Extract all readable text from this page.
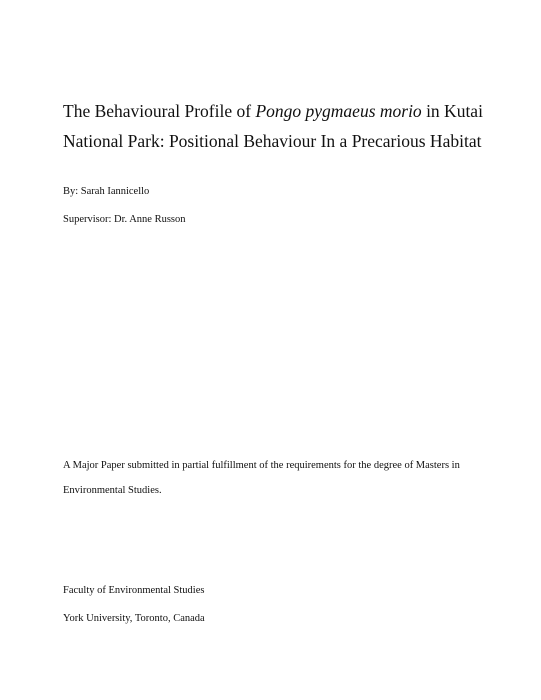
The Behavioural Profile of Pongo pygmaeus morio in Kutai
National Park: Positional Behaviour In a Precarious Habitat

By: Sarah Iannicello

Supervisor: Dr. Anne Russon

A Major Paper submitted in partial fulfillment of the requirements for the degree of Masters in
Environmental Studies.

Faculty of Environmental Studies

York University, Toronto, Canada
